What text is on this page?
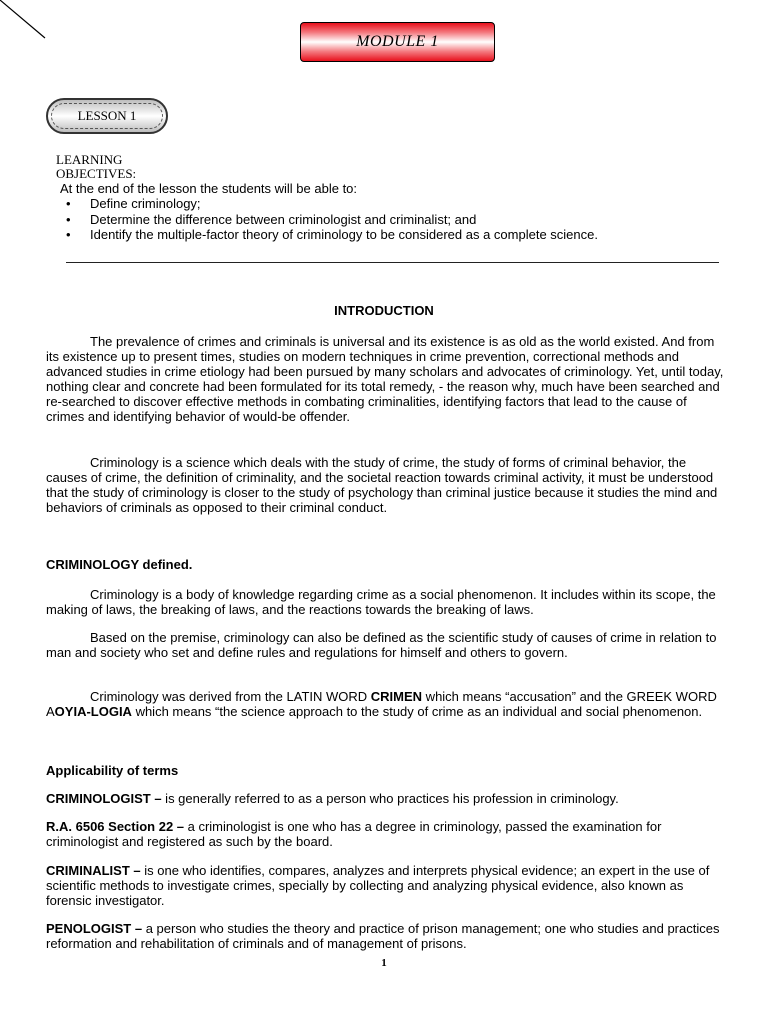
MODULE 1
LESSON 1
LEARNING OBJECTIVES:
At the end of the lesson the students will be able to:
• Define criminology;
• Determine the difference between criminologist and criminalist; and
• Identify the multiple-factor theory of criminology to be considered as a complete science.
INTRODUCTION

The prevalence of crimes and criminals is universal and its existence is as old as the world existed. And from its existence up to present times, studies on modern techniques in crime prevention, correctional methods and advanced studies in crime etiology had been pursued by many scholars and advocates of criminology. Yet, until today, nothing clear and concrete had been formulated for its total remedy, - the reason why, much have been searched and re-searched to discover effective methods in combating criminalities, identifying factors that lead to the cause of crimes and identifying behavior of would-be offender.

Criminology is a science which deals with the study of crime, the study of forms of criminal behavior, the causes of crime, the definition of criminality, and the societal reaction towards criminal activity, it must be understood that the study of criminology is closer to the study of psychology than criminal justice because it studies the mind and behaviors of criminals as opposed to their criminal conduct.

CRIMINOLOGY defined.

Criminology is a body of knowledge regarding crime as a social phenomenon. It includes within its scope, the making of laws, the breaking of laws, and the reactions towards the breaking of laws.

Based on the premise, criminology can also be defined as the scientific study of causes of crime in relation to man and society who set and define rules and regulations for himself and others to govern.

Criminology was derived from the LATIN WORD CRIMEN which means “accusation” and the GREEK WORD AOYIA-LOGIA which means “the science approach to the study of crime as an individual and social phenomenon.

Applicability of terms

CRIMINOLOGIST – is generally referred to as a person who practices his profession in criminology.

R.A. 6506 Section 22 – a criminologist is one who has a degree in criminology, passed the examination for criminologist and registered as such by the board.

CRIMINALIST – is one who identifies, compares, analyzes and interprets physical evidence; an expert in the use of scientific methods to investigate crimes, specially by collecting and analyzing physical evidence, also known as forensic investigator.

PENOLOGIST – a person who studies the theory and practice of prison management; one who studies and practices reformation and rehabilitation of criminals and of management of prisons.

1
